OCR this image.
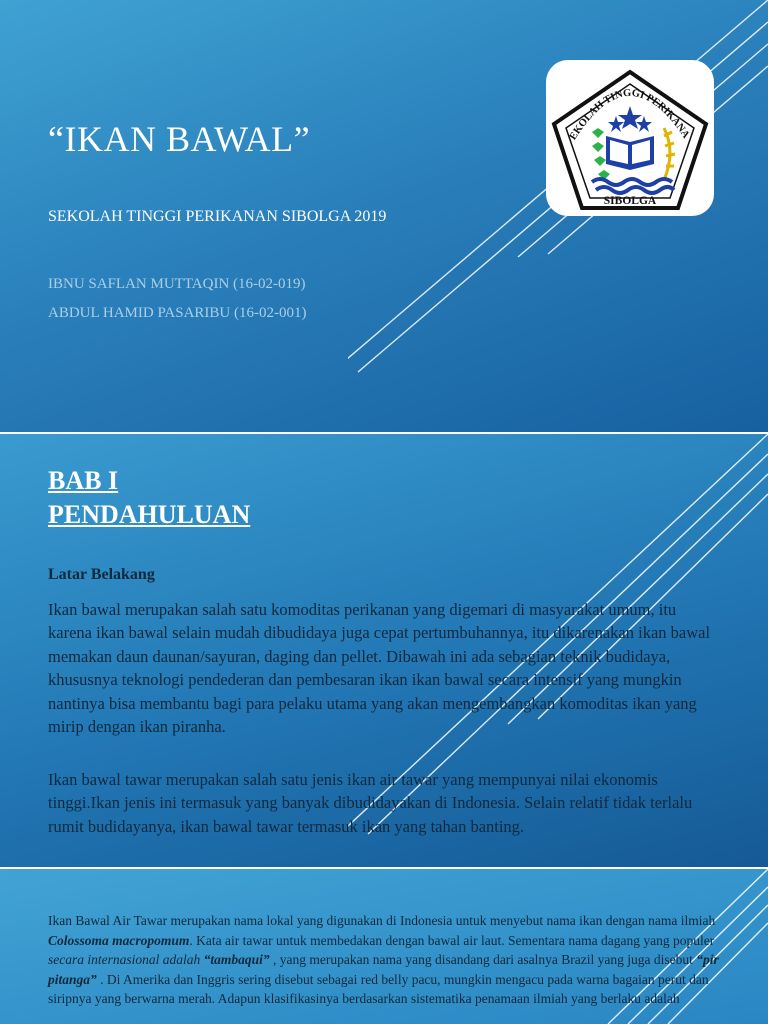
“IKAN BAWAL”
SEKOLAH TINGGI PERIKANAN SIBOLGA 2019
IBNU SAFLAN MUTTAQIN (16-02-019)
ABDUL HAMID PASARIBU (16-02-001)
EKOLAH TINGGI PERIKANA
SIBOLGA
BAB I
PENDAHULUAN
Latar Belakang

Ikan bawal merupakan salah satu komoditas perikanan yang digemari di masyarakat umum, itu karena ikan bawal selain mudah dibudidaya juga cepat pertumbuhannya, itu dikarenakan ikan bawal memakan daun daunan/sayuran, daging dan pellet. Dibawah ini ada sebagian teknik budidaya, khususnya teknologi pendederan dan pembesaran ikan ikan bawal secara intensif yang mungkin nantinya bisa membantu bagi para pelaku utama yang akan mengembangkan komoditas ikan yang mirip dengan ikan piranha.

Ikan bawal tawar merupakan salah satu jenis ikan air tawar yang mempunyai nilai ekonomis tinggi.Ikan jenis ini termasuk yang banyak dibudidayakan di Indonesia. Selain relatif tidak terlalu rumit budidayanya, ikan bawal tawar termasuk ikan yang tahan banting.

Ikan Bawal Air Tawar merupakan nama lokal yang digunakan di Indonesia untuk menyebut nama ikan dengan nama ilmiah Colossoma macropomum. Kata air tawar untuk membedakan dengan bawal air laut. Sementara nama dagang yang populer secara internasional adalah “tambaqui” , yang merupakan nama yang disandang dari asalnya Brazil yang juga disebut “pir pitanga” . Di Amerika dan Inggris sering disebut sebagai red belly pacu, mungkin mengacu pada warna bagaian perut dan siripnya yang berwarna merah. Adapun klasifikasinya berdasarkan sistematika penamaan ilmiah yang berlaku adalah
